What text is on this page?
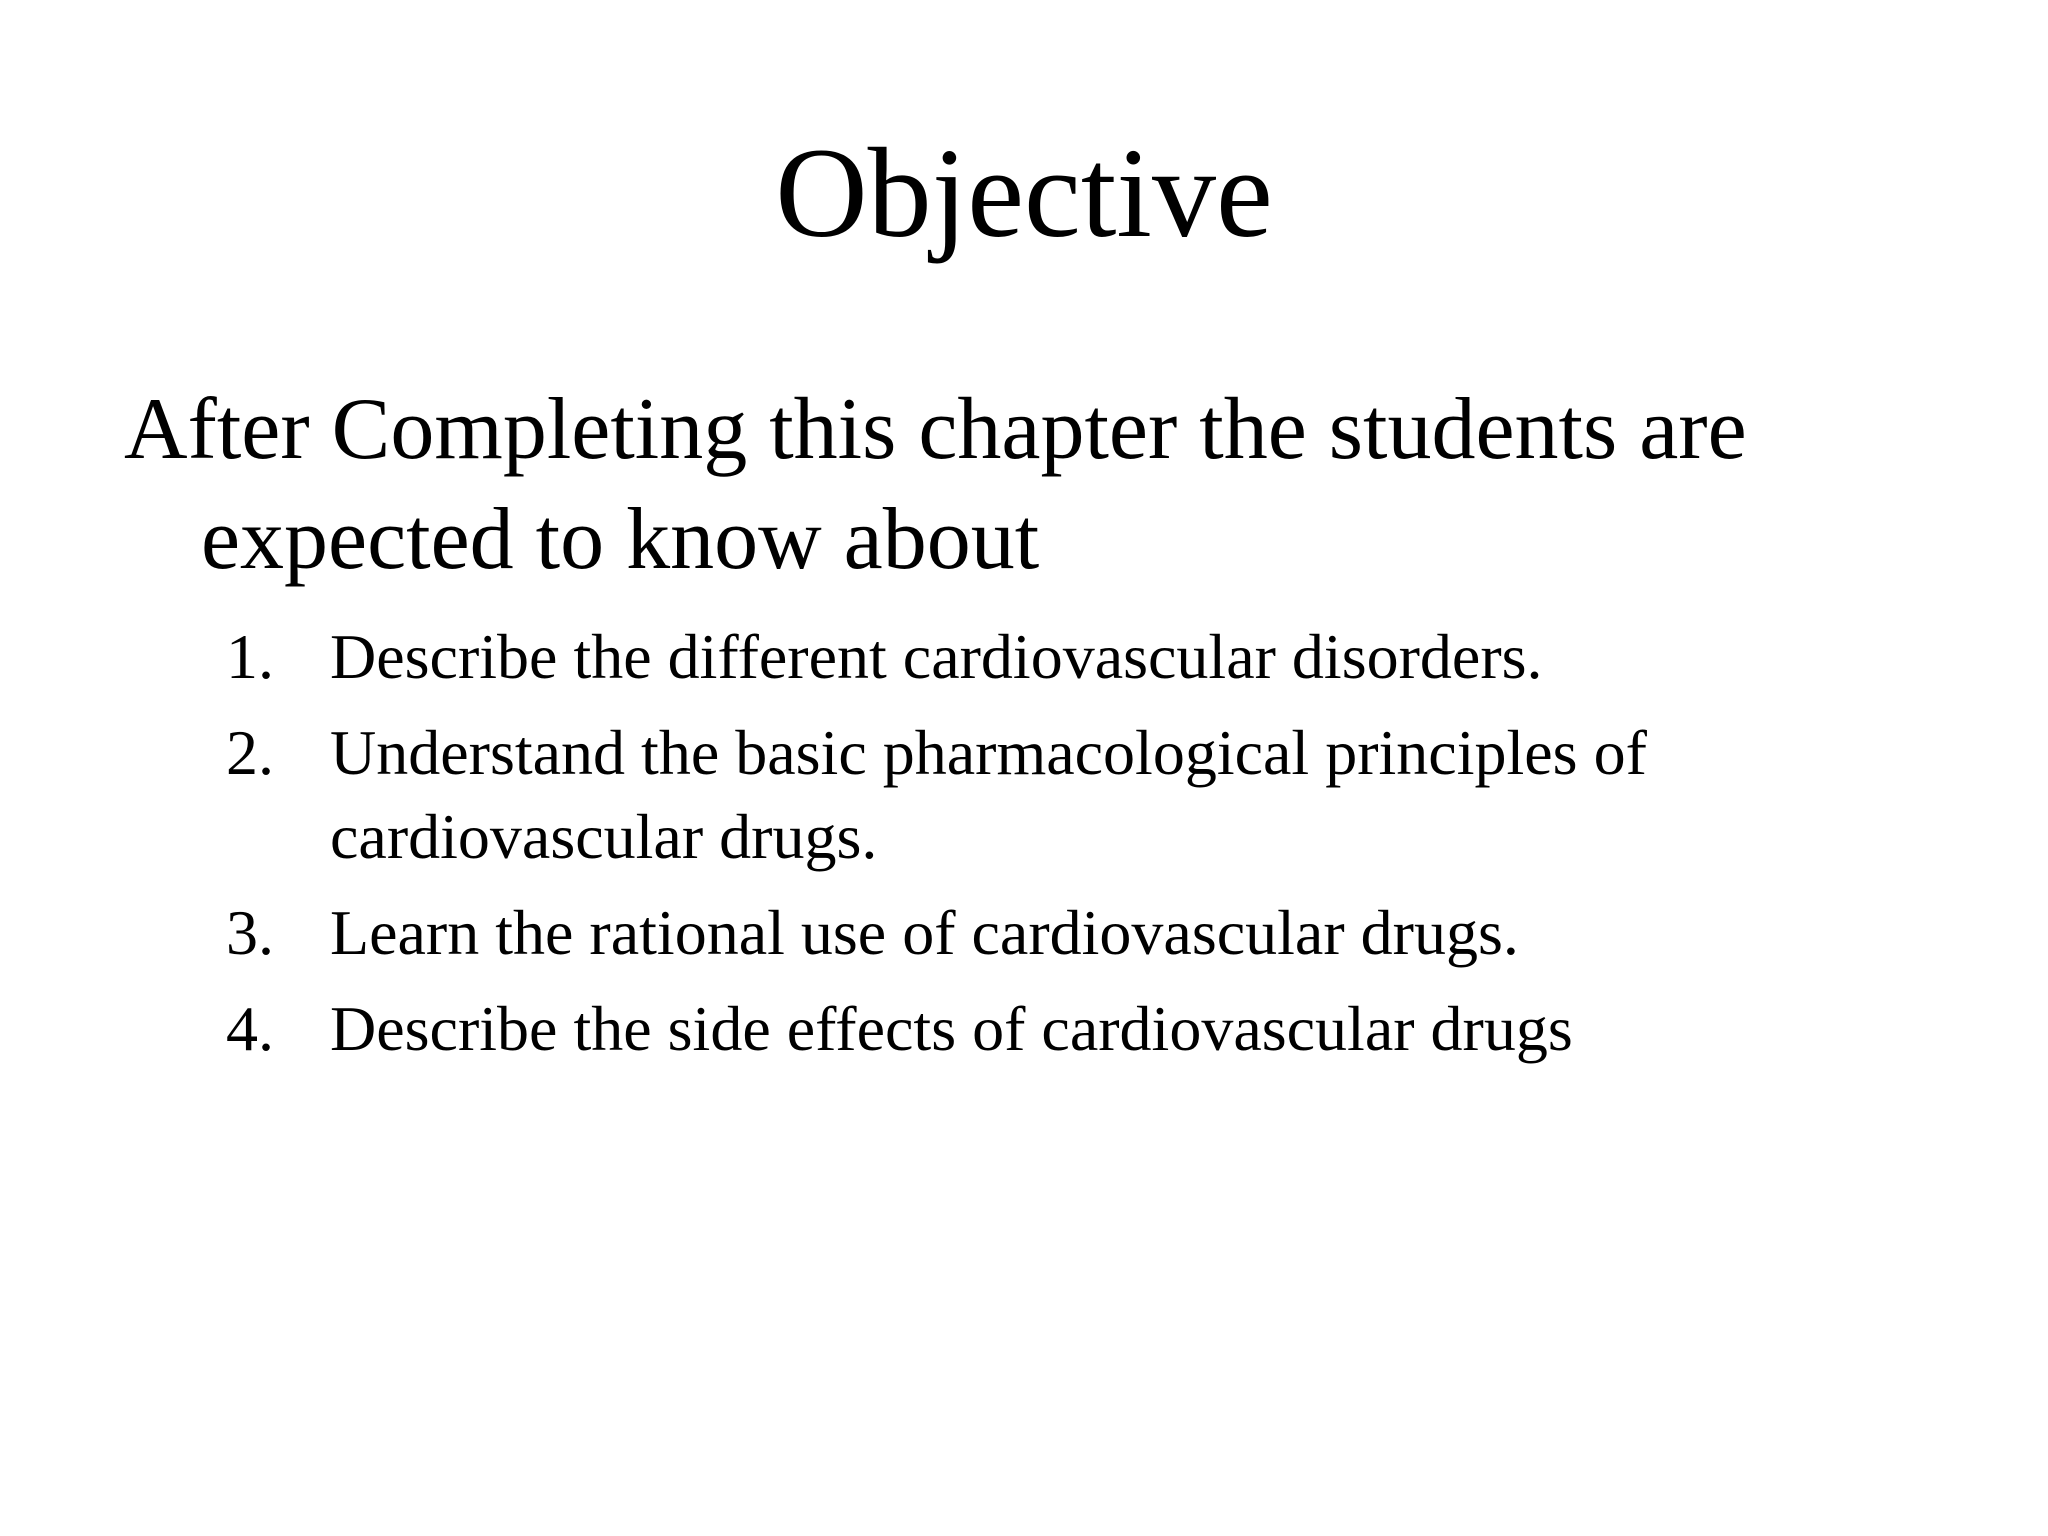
Objective

After Completing this chapter the students are expected to know about

1. Describe the different cardiovascular disorders.
2. Understand the basic pharmacological principles of cardiovascular drugs.
3. Learn the rational use of cardiovascular drugs.
4. Describe the side effects of cardiovascular drugs
